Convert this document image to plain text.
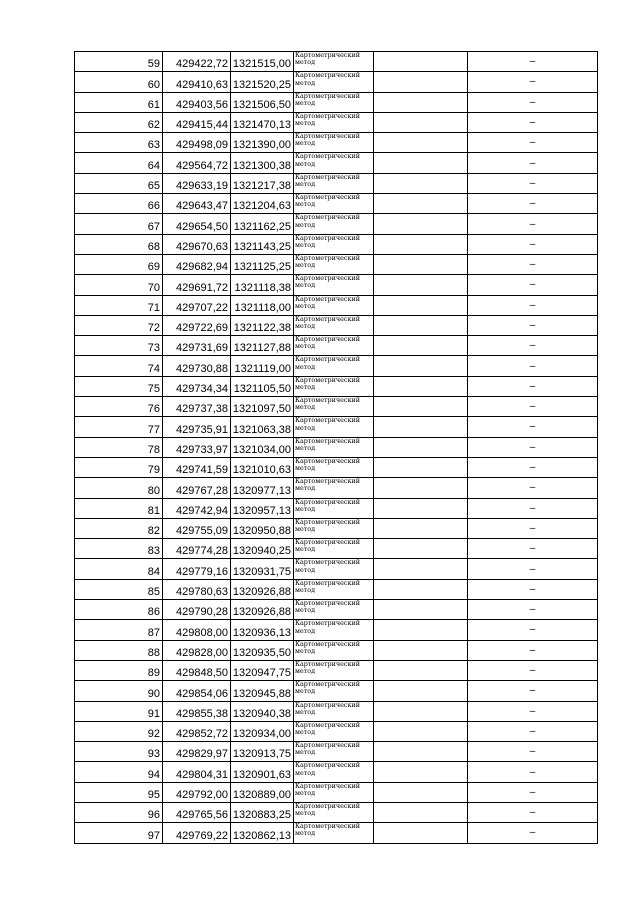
59	429422,72	1321515,00	Картометрический метод		–
60	429410,63	1321520,25	Картометрический метод		–
61	429403,56	1321506,50	Картометрический метод		–
62	429415,44	1321470,13	Картометрический метод		–
63	429498,09	1321390,00	Картометрический метод		–
64	429564,72	1321300,38	Картометрический метод		–
65	429633,19	1321217,38	Картометрический метод		–
66	429643,47	1321204,63	Картометрический метод		–
67	429654,50	1321162,25	Картометрический метод		–
68	429670,63	1321143,25	Картометрический метод		–
69	429682,94	1321125,25	Картометрический метод		–
70	429691,72	1321118,38	Картометрический метод		–
71	429707,22	1321118,00	Картометрический метод		–
72	429722,69	1321122,38	Картометрический метод		–
73	429731,69	1321127,88	Картометрический метод		–
74	429730,88	1321119,00	Картометрический метод		–
75	429734,34	1321105,50	Картометрический метод		–
76	429737,38	1321097,50	Картометрический метод		–
77	429735,91	1321063,38	Картометрический метод		–
78	429733,97	1321034,00	Картометрический метод		–
79	429741,59	1321010,63	Картометрический метод		–
80	429767,28	1320977,13	Картометрический метод		–
81	429742,94	1320957,13	Картометрический метод		–
82	429755,09	1320950,88	Картометрический метод		–
83	429774,28	1320940,25	Картометрический метод		–
84	429779,16	1320931,75	Картометрический метод		–
85	429780,63	1320926,88	Картометрический метод		–
86	429790,28	1320926,88	Картометрический метод		–
87	429808,00	1320936,13	Картометрический метод		–
88	429828,00	1320935,50	Картометрический метод		–
89	429848,50	1320947,75	Картометрический метод		–
90	429854,06	1320945,88	Картометрический метод		–
91	429855,38	1320940,38	Картометрический метод		–
92	429852,72	1320934,00	Картометрический метод		–
93	429829,97	1320913,75	Картометрический метод		–
94	429804,31	1320901,63	Картометрический метод		–
95	429792,00	1320889,00	Картометрический метод		–
96	429765,56	1320883,25	Картометрический метод		–
97	429769,22	1320862,13	Картометрический метод		–
